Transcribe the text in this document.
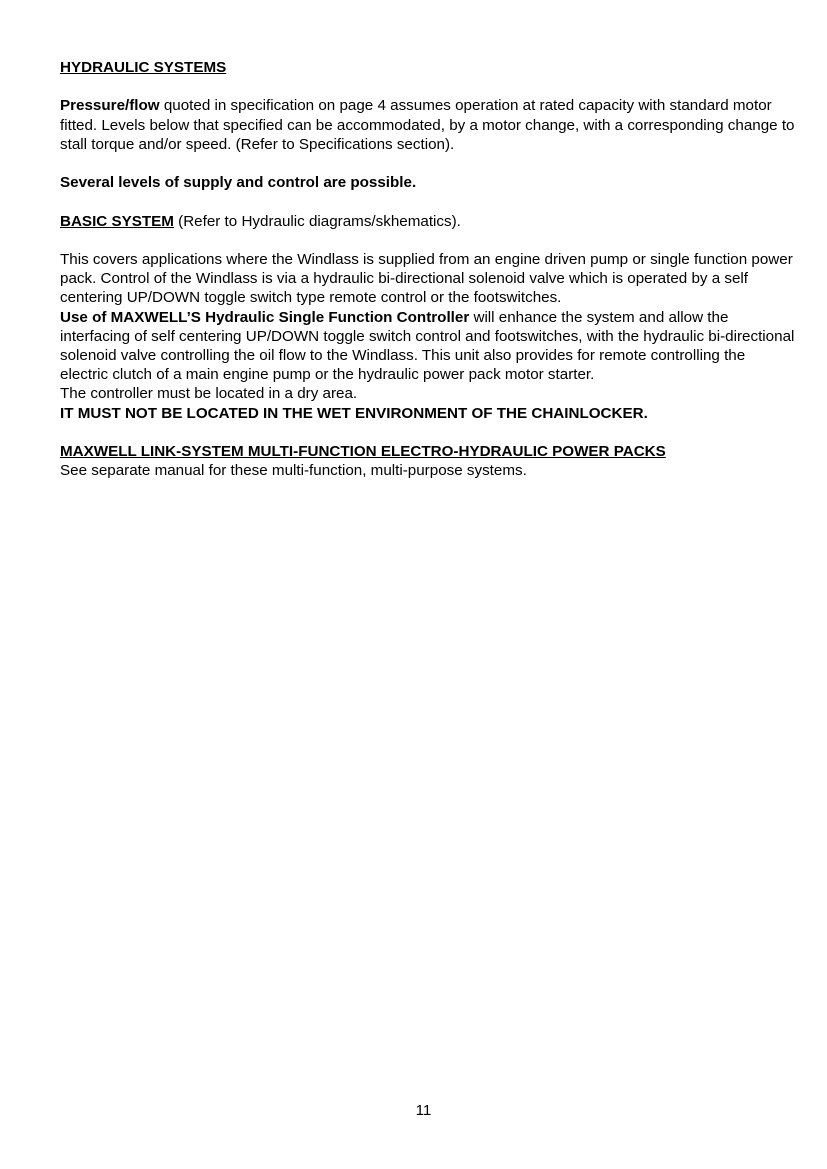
HYDRAULIC SYSTEMS

Pressure/flow quoted in specification on page 4 assumes operation at rated capacity with standard motor fitted. Levels below that specified can be accommodated, by a motor change, with a corresponding change to stall torque and/or speed. (Refer to Specifications section).

Several levels of supply and control are possible.

BASIC SYSTEM (Refer to Hydraulic diagrams/skhematics).

This covers applications where the Windlass is supplied from an engine driven pump or single function power pack. Control of the Windlass is via a hydraulic bi-directional solenoid valve which is operated by a self centering UP/DOWN toggle switch type remote control or the footswitches.

Use of MAXWELL’S Hydraulic Single Function Controller will enhance the system and allow the interfacing of self centering UP/DOWN toggle switch control and footswitches, with the hydraulic bi-directional solenoid valve controlling the oil flow to the Windlass. This unit also provides for remote controlling the electric clutch of a main engine pump or the hydraulic power pack motor starter.

The controller must be located in a dry area.

IT MUST NOT BE LOCATED IN THE WET ENVIRONMENT OF THE CHAINLOCKER.

MAXWELL LINK-SYSTEM MULTI-FUNCTION ELECTRO-HYDRAULIC POWER PACKS

See separate manual for these multi-function, multi-purpose systems.

11
